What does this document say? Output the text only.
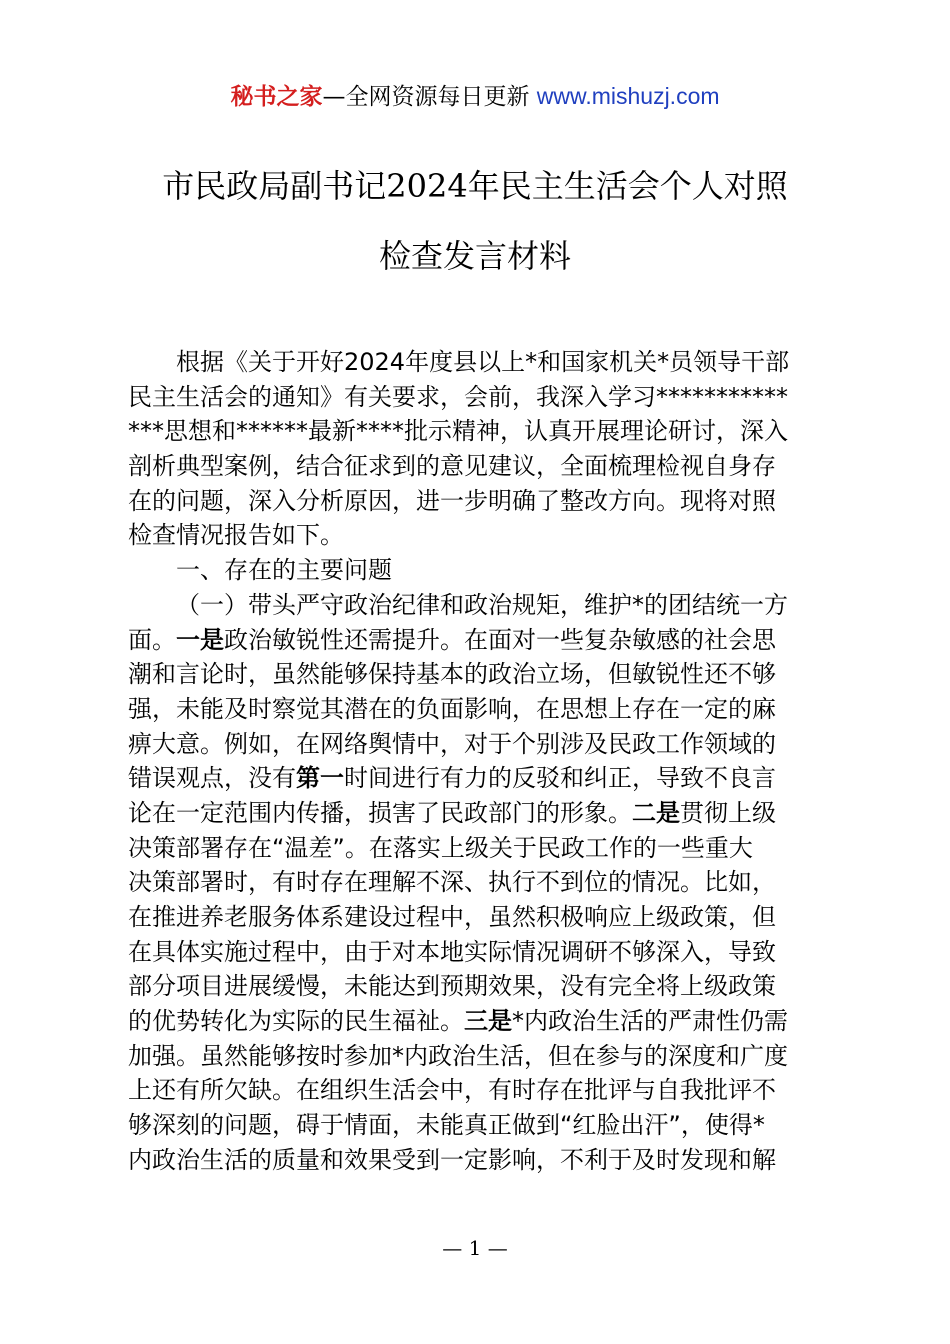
秘书之家—全网资源每日更新 www.mishuzj.com
市民政局副书记2024年民主生活会个人对照
检查发言材料
根据《关于开好2024年度县以上*和国家机关*员领导干部
民主生活会的通知》有关要求，会前，我深入学习***********
***思想和******最新****批示精神，认真开展理论研讨，深入
剖析典型案例，结合征求到的意见建议，全面梳理检视自身存
在的问题，深入分析原因，进一步明确了整改方向。现将对照
检查情况报告如下。
一、存在的主要问题
（一）带头严守政治纪律和政治规矩，维护*的团结统一方
面。一是政治敏锐性还需提升。在面对一些复杂敏感的社会思
潮和言论时，虽然能够保持基本的政治立场，但敏锐性还不够
强，未能及时察觉其潜在的负面影响，在思想上存在一定的麻
痹大意。例如，在网络舆情中，对于个别涉及民政工作领域的
错误观点，没有第一时间进行有力的反驳和纠正，导致不良言
论在一定范围内传播，损害了民政部门的形象。二是贯彻上级
决策部署存在“温差”。在落实上级关于民政工作的一些重大
决策部署时，有时存在理解不深、执行不到位的情况。比如，
在推进养老服务体系建设过程中，虽然积极响应上级政策，但
在具体实施过程中，由于对本地实际情况调研不够深入，导致
部分项目进展缓慢，未能达到预期效果，没有完全将上级政策
的优势转化为实际的民生福祉。三是*内政治生活的严肃性仍需
加强。虽然能够按时参加*内政治生活，但在参与的深度和广度
上还有所欠缺。在组织生活会中，有时存在批评与自我批评不
够深刻的问题，碍于情面，未能真正做到“红脸出汗”，使得*
内政治生活的质量和效果受到一定影响，不利于及时发现和解
— 1 —
